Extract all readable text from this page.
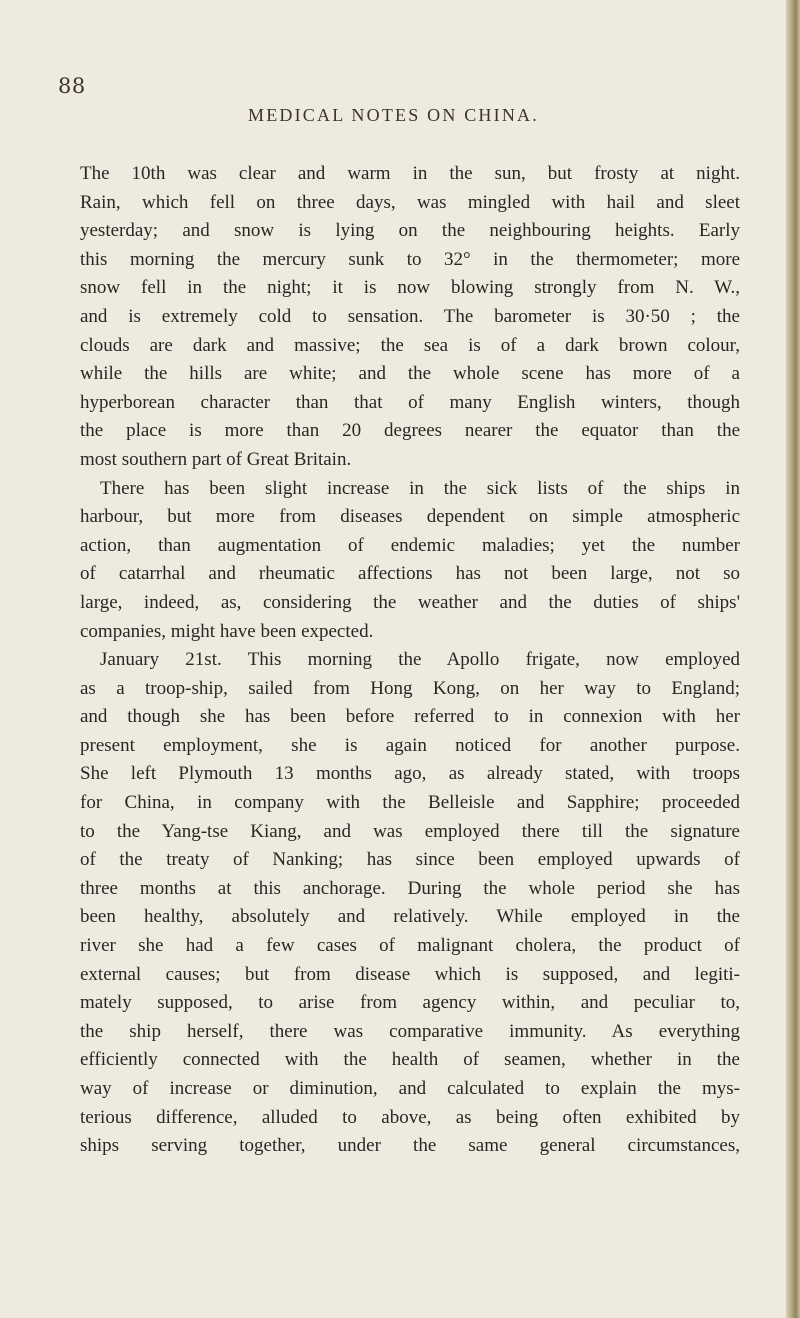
88
MEDICAL NOTES ON CHINA.
The 10th was clear and warm in the sun, but frosty at night.
Rain, which fell on three days, was mingled with hail and sleet
yesterday; and snow is lying on the neighbouring heights. Early
this morning the mercury sunk to 32° in the thermometer; more
snow fell in the night; it is now blowing strongly from N. W.,
and is extremely cold to sensation. The barometer is 30·50 ; the
clouds are dark and massive; the sea is of a dark brown colour,
while the hills are white; and the whole scene has more of a
hyperborean character than that of many English winters, though
the place is more than 20 degrees nearer the equator than the
most southern part of Great Britain.
There has been slight increase in the sick lists of the ships in
harbour, but more from diseases dependent on simple atmospheric
action, than augmentation of endemic maladies; yet the number
of catarrhal and rheumatic affections has not been large, not so
large, indeed, as, considering the weather and the duties of ships'
companies, might have been expected.
January 21st. This morning the Apollo frigate, now employed
as a troop-ship, sailed from Hong Kong, on her way to England;
and though she has been before referred to in connexion with her
present employment, she is again noticed for another purpose.
She left Plymouth 13 months ago, as already stated, with troops
for China, in company with the Belleisle and Sapphire; proceeded
to the Yang-tse Kiang, and was employed there till the signature
of the treaty of Nanking; has since been employed upwards of
three months at this anchorage. During the whole period she has
been healthy, absolutely and relatively. While employed in the
river she had a few cases of malignant cholera, the product of
external causes; but from disease which is supposed, and legiti-
mately supposed, to arise from agency within, and peculiar to,
the ship herself, there was comparative immunity. As everything
efficiently connected with the health of seamen, whether in the
way of increase or diminution, and calculated to explain the mys-
terious difference, alluded to above, as being often exhibited by
ships serving together, under the same general circumstances,
